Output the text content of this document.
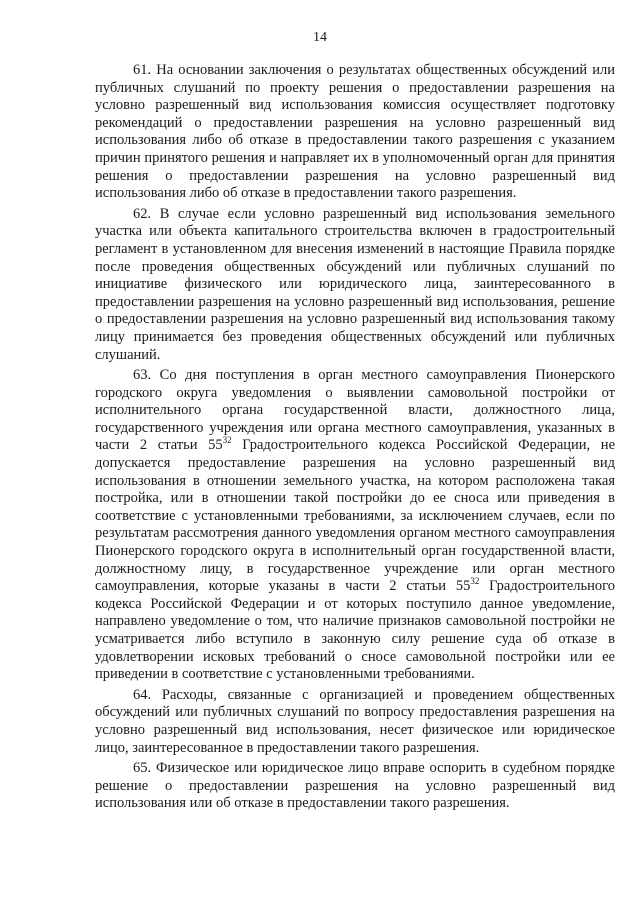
14

61. На основании заключения о результатах общественных обсуждений или публичных слушаний по проекту решения о предоставлении разрешения на условно разрешенный вид использования комиссия осуществляет подготовку рекомендаций о предоставлении разрешения на условно разрешенный вид использования либо об отказе в предоставлении такого разрешения с указанием причин принятого решения и направляет их в уполномоченный орган для принятия решения о предоставлении разрешения на условно разрешенный вид использования либо об отказе в предоставлении такого разрешения.

62. В случае если условно разрешенный вид использования земельного участка или объекта капитального строительства включен в градостроительный регламент в установленном для внесения изменений в настоящие Правила порядке после проведения общественных обсуждений или публичных слушаний по инициативе физического или юридического лица, заинтересованного в предоставлении разрешения на условно разрешенный вид использования, решение о предоставлении разрешения на условно разрешенный вид использования такому лицу принимается без проведения общественных обсуждений или публичных слушаний.

63. Со дня поступления в орган местного самоуправления Пионерского городского округа уведомления о выявлении самовольной постройки от исполнительного органа государственной власти, должностного лица, государственного учреждения или органа местного самоуправления, указанных в части 2 статьи $55^{32}$ Градостроительного кодекса Российской Федерации, не допускается предоставление разрешения на условно разрешенный вид использования в отношении земельного участка, на котором расположена такая постройка, или в отношении такой постройки до ее сноса или приведения в соответствие с установленными требованиями, за исключением случаев, если по результатам рассмотрения данного уведомления органом местного самоуправления Пионерского городского округа в исполнительный орган государственной власти, должностному лицу, в государственное учреждение или орган местного самоуправления, которые указаны в части 2 статьи $55^{32}$ Градостроительного кодекса Российской Федерации и от которых поступило данное уведомление, направлено уведомление о том, что наличие признаков самовольной постройки не усматривается либо вступило в законную силу решение суда об отказе в удовлетворении исковых требований о сносе самовольной постройки или ее приведении в соответствие с установленными требованиями.

64. Расходы, связанные с организацией и проведением общественных обсуждений или публичных слушаний по вопросу предоставления разрешения на условно разрешенный вид использования, несет физическое или юридическое лицо, заинтересованное в предоставлении такого разрешения.

65. Физическое или юридическое лицо вправе оспорить в судебном порядке решение о предоставлении разрешения на условно разрешенный вид использования или об отказе в предоставлении такого разрешения.
